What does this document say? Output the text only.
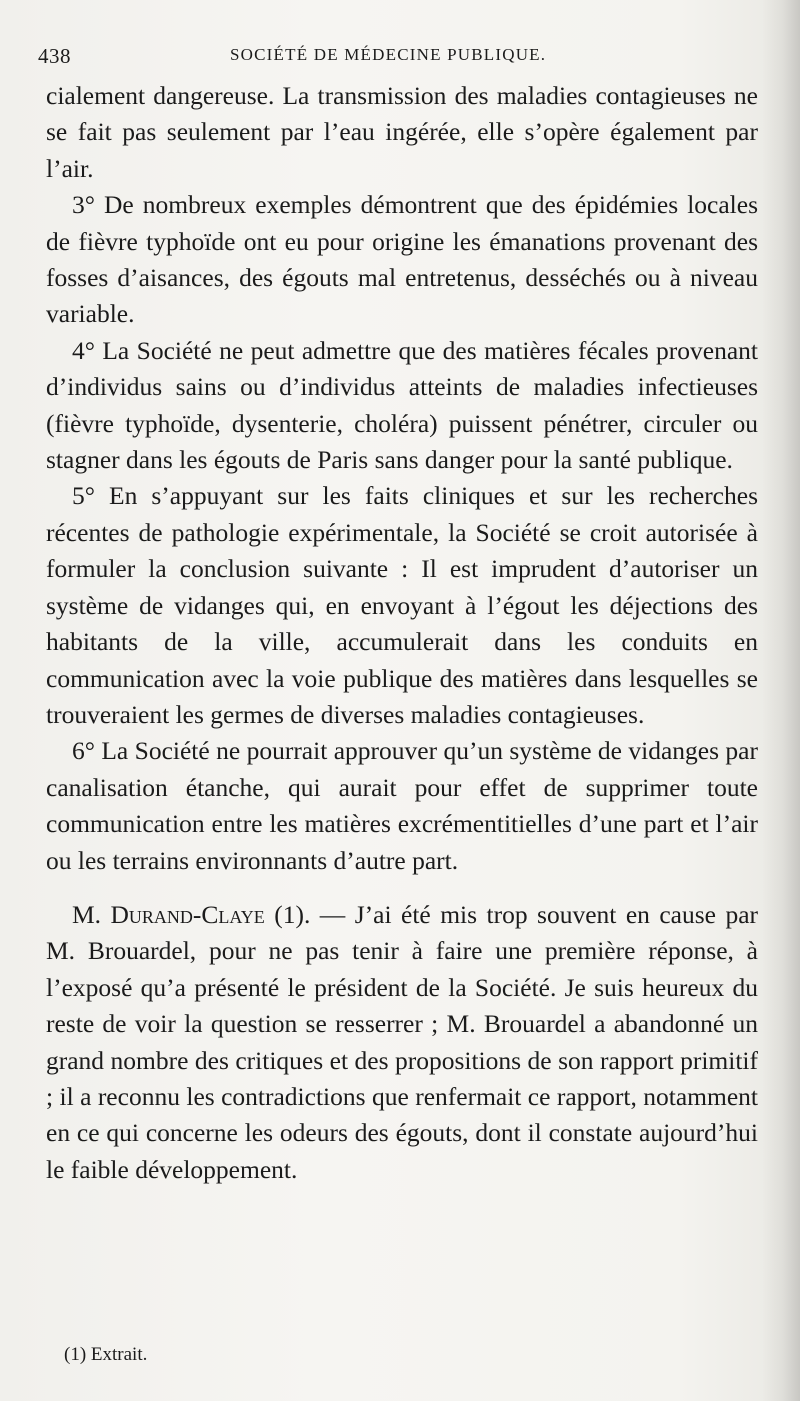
438	SOCIÉTÉ DE MÉDECINE PUBLIQUE.

cialement dangereuse. La transmission des maladies contagieuses ne se fait pas seulement par l’eau ingérée, elle s’opère également par l’air.

3° De nombreux exemples démontrent que des épidémies locales de fièvre typhoïde ont eu pour origine les émanations provenant des fosses d’aisances, des égouts mal entretenus, desséchés ou à niveau variable.

4° La Société ne peut admettre que des matières fécales provenant d’individus sains ou d’individus atteints de maladies infectieuses (fièvre typhoïde, dysenterie, choléra) puissent pénétrer, circuler ou stagner dans les égouts de Paris sans danger pour la santé publique.

5° En s’appuyant sur les faits cliniques et sur les recherches récentes de pathologie expérimentale, la Société se croit autorisée à formuler la conclusion suivante : Il est imprudent d’autoriser un système de vidanges qui, en envoyant à l’égout les déjections des habitants de la ville, accumulerait dans les conduits en communication avec la voie publique des matières dans lesquelles se trouveraient les germes de diverses maladies contagieuses.

6° La Société ne pourrait approuver qu’un système de vidanges par canalisation étanche, qui aurait pour effet de supprimer toute communication entre les matières excrémentitielles d’une part et l’air ou les terrains environnants d’autre part.

M. Durand-Claye (1). — J’ai été mis trop souvent en cause par M. Brouardel, pour ne pas tenir à faire une première réponse, à l’exposé qu’a présenté le président de la Société. Je suis heureux du reste de voir la question se resserrer ; M. Brouardel a abandonné un grand nombre des critiques et des propositions de son rapport primitif ; il a reconnu les contradictions que renfermait ce rapport, notamment en ce qui concerne les odeurs des égouts, dont il constate aujourd’hui le faible développement.

(1) Extrait.
